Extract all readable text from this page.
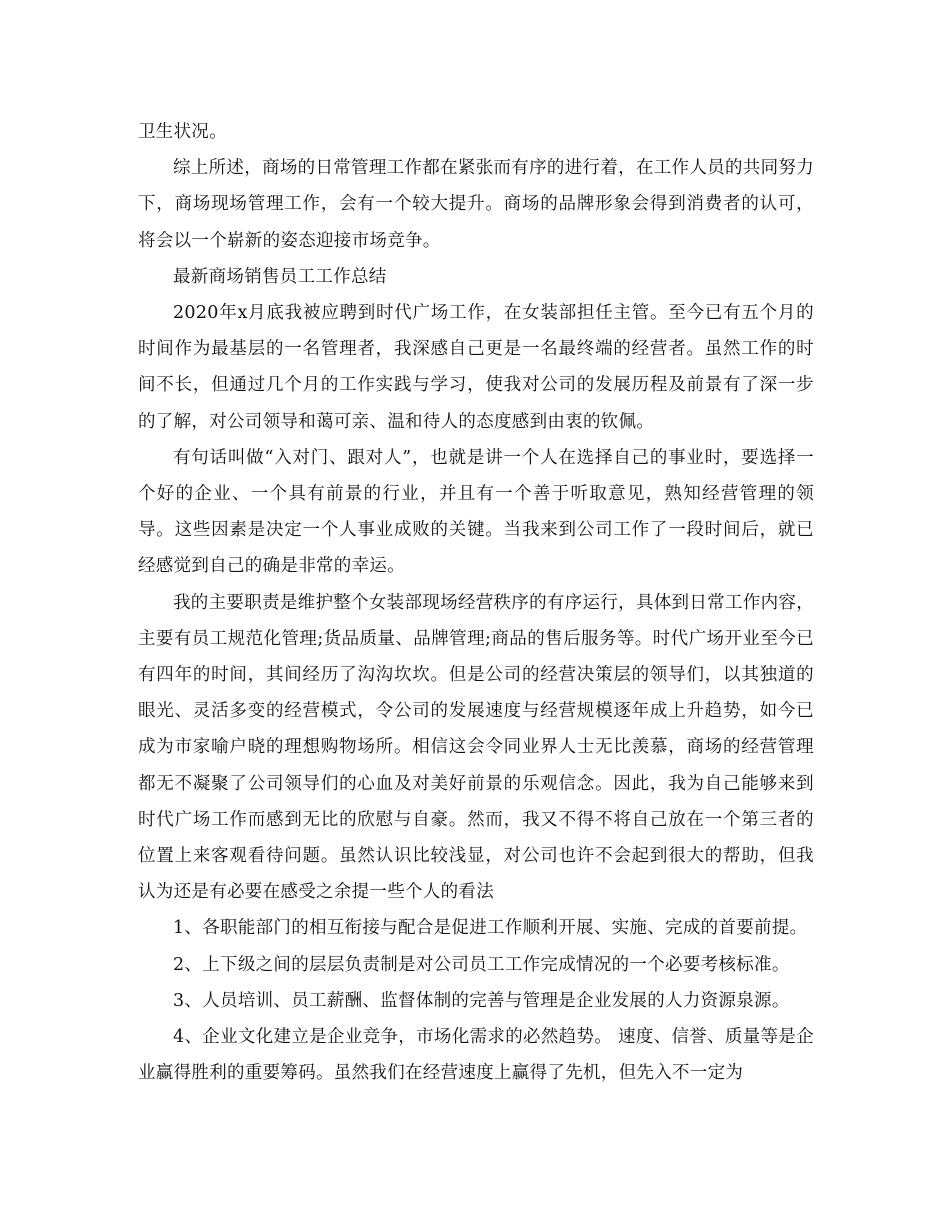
卫生状况。

综上所述，商场的日常管理工作都在紧张而有序的进行着，在工作人员的共同努力下，商场现场管理工作，会有一个较大提升。商场的品牌形象会得到消费者的认可，将会以一个崭新的姿态迎接市场竞争。

最新商场销售员工工作总结

2020年x月底我被应聘到时代广场工作，在女装部担任主管。至今已有五个月的时间作为最基层的一名管理者，我深感自己更是一名最终端的经营者。虽然工作的时间不长，但通过几个月的工作实践与学习，使我对公司的发展历程及前景有了深一步的了解，对公司领导和蔼可亲、温和待人的态度感到由衷的钦佩。

有句话叫做“入对门、跟对人”，也就是讲一个人在选择自己的事业时，要选择一个好的企业、一个具有前景的行业，并且有一个善于听取意见，熟知经营管理的领导。这些因素是决定一个人事业成败的关键。当我来到公司工作了一段时间后，就已经感觉到自己的确是非常的幸运。

我的主要职责是维护整个女装部现场经营秩序的有序运行，具体到日常工作内容，主要有员工规范化管理;货品质量、品牌管理;商品的售后服务等。时代广场开业至今已有四年的时间，其间经历了沟沟坎坎。但是公司的经营决策层的领导们，以其独道的眼光、灵活多变的经营模式，令公司的发展速度与经营规模逐年成上升趋势，如今已成为市家喻户晓的理想购物场所。相信这会令同业界人士无比羡慕，商场的经营管理都无不凝聚了公司领导们的心血及对美好前景的乐观信念。因此，我为自己能够来到时代广场工作而感到无比的欣慰与自豪。然而，我又不得不将自己放在一个第三者的位置上来客观看待问题。虽然认识比较浅显，对公司也许不会起到很大的帮助，但我认为还是有必要在感受之余提一些个人的看法

1、各职能部门的相互衔接与配合是促进工作顺利开展、实施、完成的首要前提。

2、上下级之间的层层负责制是对公司员工工作完成情况的一个必要考核标准。

3、人员培训、员工薪酬、监督体制的完善与管理是企业发展的人力资源泉源。

4、企业文化建立是企业竞争，市场化需求的必然趋势。 速度、信誉、质量等是企业赢得胜利的重要筹码。虽然我们在经营速度上赢得了先机，但先入不一定为
